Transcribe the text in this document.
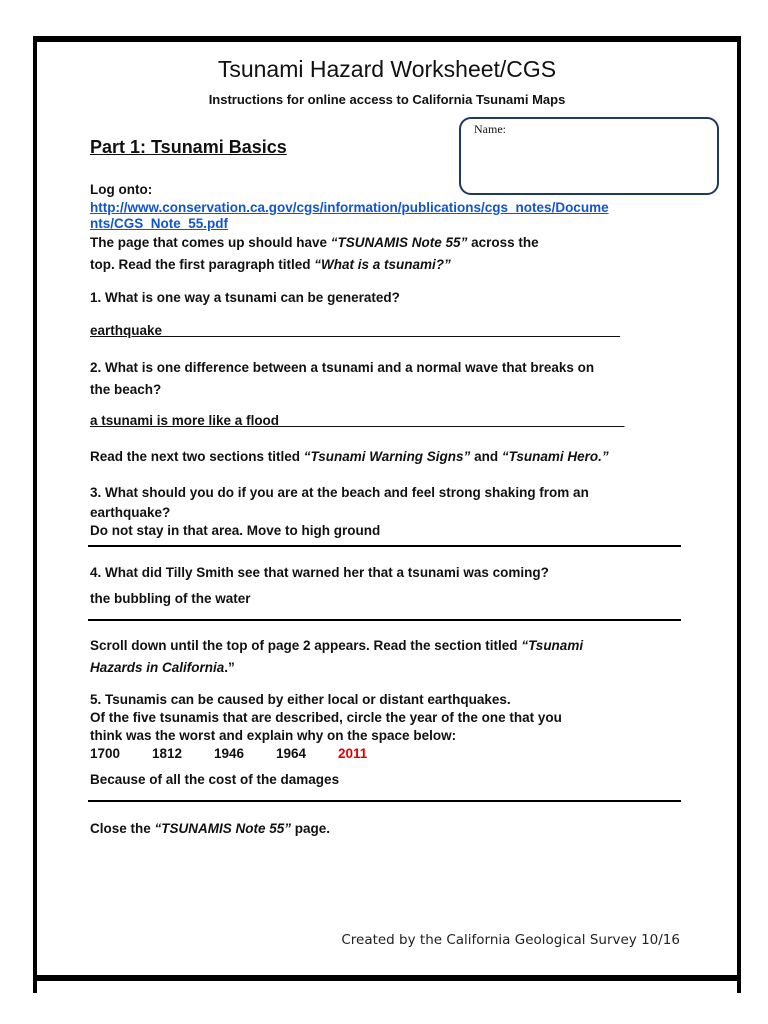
Tsunami Hazard Worksheet/CGS
Instructions for online access to California Tsunami Maps
Name:
Part 1: Tsunami Basics
Log onto:
http://www.conservation.ca.gov/cgs/information/publications/cgs_notes/Docume
nts/CGS_Note_55.pdf
The page that comes up should have “TSUNAMIS Note 55” across the
top. Read the first paragraph titled “What is a tsunami?”
1. What is one way a tsunami can be generated?
earthquake_____________________________________________________________
2. What is one difference between a tsunami and a normal wave that breaks on
the beach?
a tsunami is more like a flood______________________________________________
Read the next two sections titled “Tsunami Warning Signs” and “Tsunami Hero.”
3. What should you do if you are at the beach and feel strong shaking from an
earthquake?
Do not stay in that area. Move to high ground
4. What did Tilly Smith see that warned her that a tsunami was coming?
the bubbling of the water
Scroll down until the top of page 2 appears. Read the section titled “Tsunami
Hazards in California.”
5. Tsunamis can be caused by either local or distant earthquakes.
Of the five tsunamis that are described, circle the year of the one that you
think was the worst and explain why on the space below:
1700 1812 1946 1964 2011
Because of all the cost of the damages
Close the “TSUNAMIS Note 55” page.
Created by the California Geological Survey 10/16
